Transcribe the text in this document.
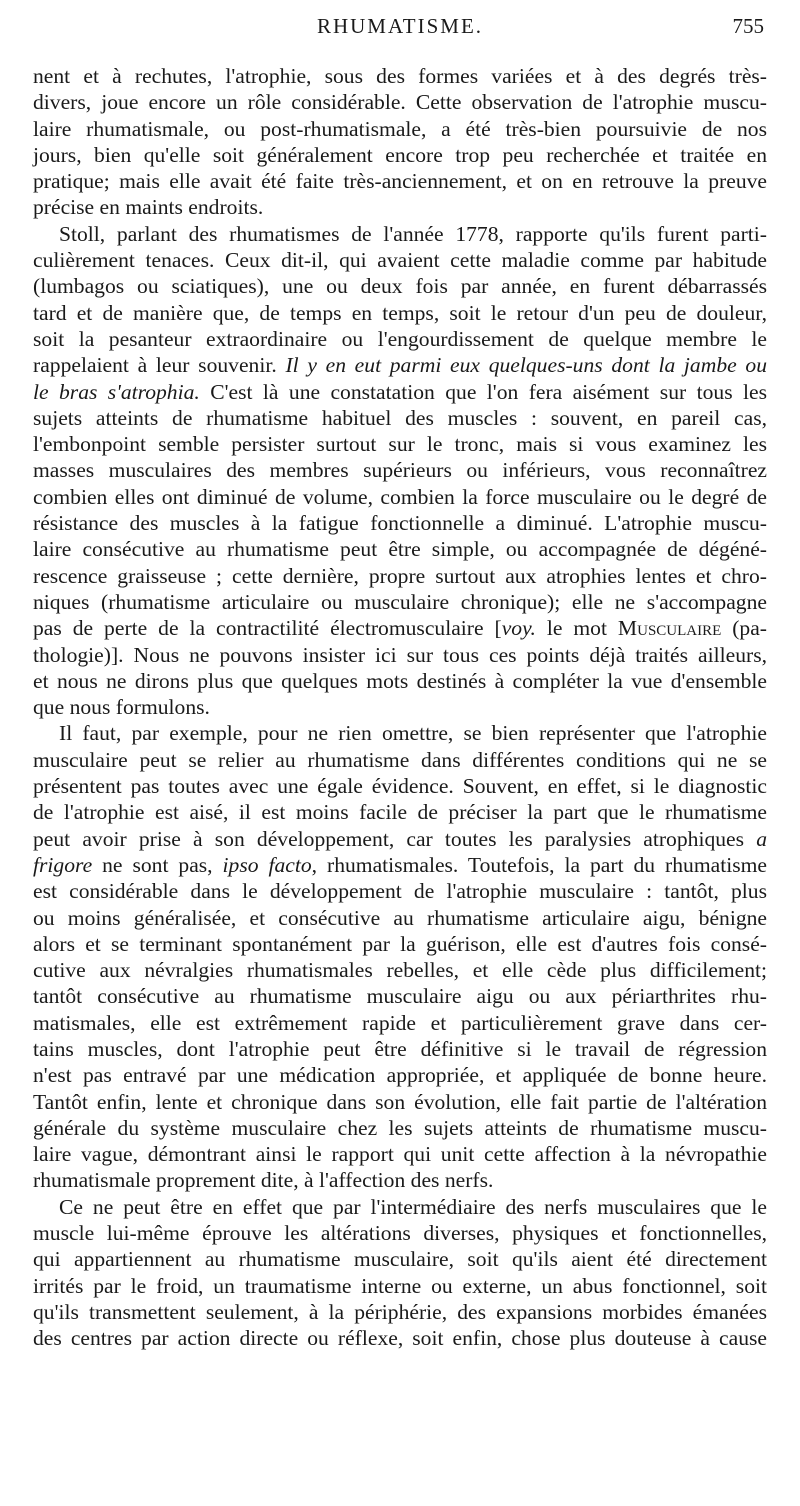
RHUMATISME.	755
nent et à rechutes, l'atrophie, sous des formes variées et à des degrés très-
divers, joue encore un rôle considérable. Cette observation de l'atrophie muscu-
laire rhumatismale, ou post-rhumatismale, a été très-bien poursuivie de nos
jours, bien qu'elle soit généralement encore trop peu recherchée et traitée en
pratique; mais elle avait été faite très-anciennement, et on en retrouve la preuve
précise en maints endroits.
Stoll, parlant des rhumatismes de l'année 1778, rapporte qu'ils furent parti-
culièrement tenaces. Ceux dit-il, qui avaient cette maladie comme par habitude
(lumbagos ou sciatiques), une ou deux fois par année, en furent débarrassés
tard et de manière que, de temps en temps, soit le retour d'un peu de douleur,
soit la pesanteur extraordinaire ou l'engourdissement de quelque membre le
rappelaient à leur souvenir. Il y en eut parmi eux quelques-uns dont la jambe ou
le bras s'atrophia. C'est là une constatation que l'on fera aisément sur tous les
sujets atteints de rhumatisme habituel des muscles : souvent, en pareil cas,
l'embonpoint semble persister surtout sur le tronc, mais si vous examinez les
masses musculaires des membres supérieurs ou inférieurs, vous reconnaîtrez
combien elles ont diminué de volume, combien la force musculaire ou le degré de
résistance des muscles à la fatigue fonctionnelle a diminué. L'atrophie muscu-
laire consécutive au rhumatisme peut être simple, ou accompagnée de dégéné-
rescence graisseuse ; cette dernière, propre surtout aux atrophies lentes et chro-
niques (rhumatisme articulaire ou musculaire chronique); elle ne s'accompagne
pas de perte de la contractilité électromusculaire [voy. le mot Musculaire (pa-
thologie)]. Nous ne pouvons insister ici sur tous ces points déjà traités ailleurs,
et nous ne dirons plus que quelques mots destinés à compléter la vue d'ensemble
que nous formulons.
Il faut, par exemple, pour ne rien omettre, se bien représenter que l'atrophie
musculaire peut se relier au rhumatisme dans différentes conditions qui ne se
présentent pas toutes avec une égale évidence. Souvent, en effet, si le diagnostic
de l'atrophie est aisé, il est moins facile de préciser la part que le rhumatisme
peut avoir prise à son développement, car toutes les paralysies atrophiques a
frigore ne sont pas, ipso facto, rhumatismales. Toutefois, la part du rhumatisme
est considérable dans le développement de l'atrophie musculaire : tantôt, plus
ou moins généralisée, et consécutive au rhumatisme articulaire aigu, bénigne
alors et se terminant spontanément par la guérison, elle est d'autres fois consé-
cutive aux névralgies rhumatismales rebelles, et elle cède plus difficilement;
tantôt consécutive au rhumatisme musculaire aigu ou aux périarthrites rhu-
matismales, elle est extrêmement rapide et particulièrement grave dans cer-
tains muscles, dont l'atrophie peut être définitive si le travail de régression
n'est pas entravé par une médication appropriée, et appliquée de bonne heure.
Tantôt enfin, lente et chronique dans son évolution, elle fait partie de l'altération
générale du système musculaire chez les sujets atteints de rhumatisme muscu-
laire vague, démontrant ainsi le rapport qui unit cette affection à la névropathie
rhumatismale proprement dite, à l'affection des nerfs.
Ce ne peut être en effet que par l'intermédiaire des nerfs musculaires que le
muscle lui-même éprouve les altérations diverses, physiques et fonctionnelles,
qui appartiennent au rhumatisme musculaire, soit qu'ils aient été directement
irrités par le froid, un traumatisme interne ou externe, un abus fonctionnel, soit
qu'ils transmettent seulement, à la périphérie, des expansions morbides émanées
des centres par action directe ou réflexe, soit enfin, chose plus douteuse à cause
